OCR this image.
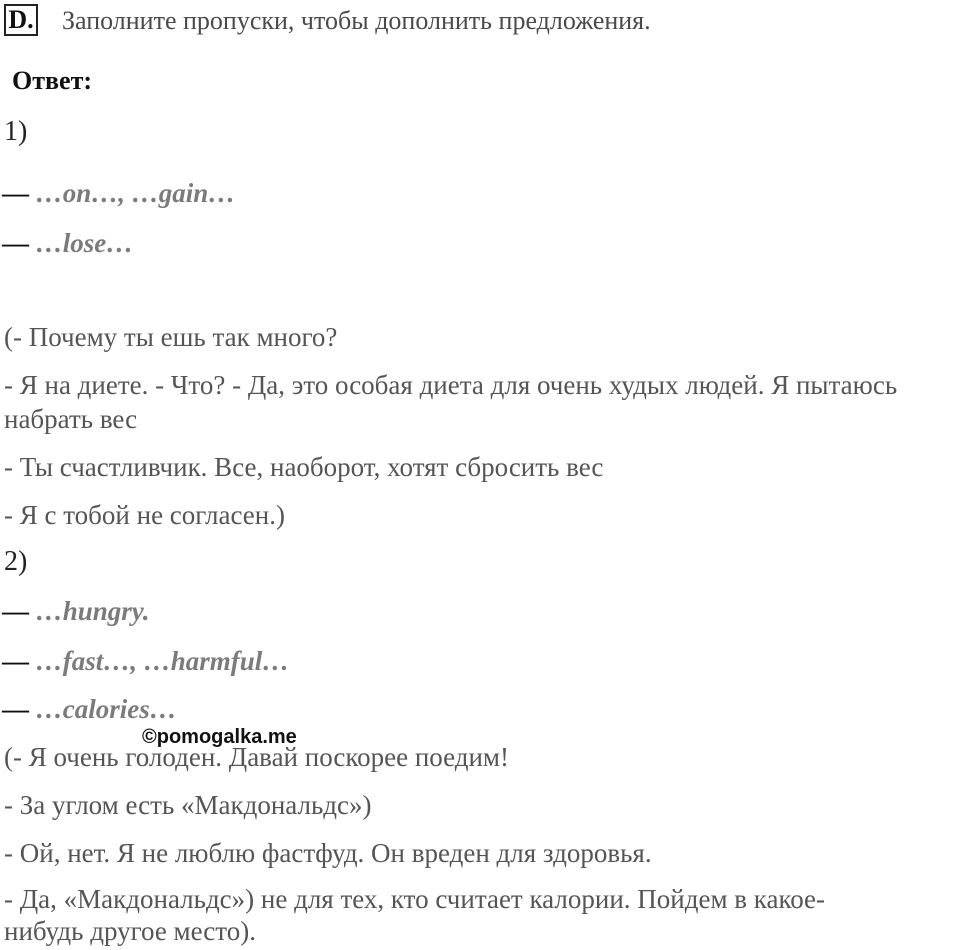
D. Заполните пропуски, чтобы дополнить предложения.
Ответ:
1)
— …on…, …gain…
— …lose…
(- Почему ты ешь так много?
- Я на диете. - Что? - Да, это особая диета для очень худых людей. Я пытаюсь
набрать вес
- Ты счастливчик. Все, наоборот, хотят сбросить вес
- Я с тобой не согласен.)
2)
— …hungry.
— …fast…, …harmful…
— …calories…
©pomogalka.me
(- Я очень голоден. Давай поскорее поедим!
- За углом есть «Макдональдс»)
- Ой, нет. Я не люблю фастфуд. Он вреден для здоровья.
- Да, «Макдональдс») не для тех, кто считает калории. Пойдем в какое-
нибудь другое место).
